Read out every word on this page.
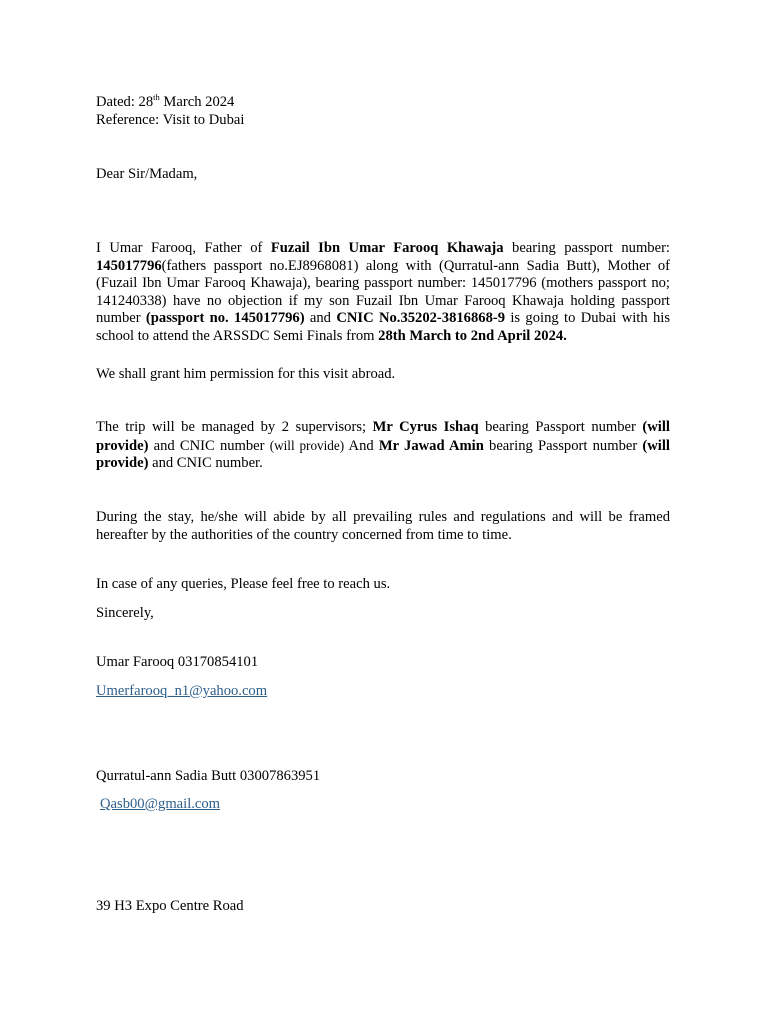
Dated: 28th March 2024
Reference: Visit to Dubai
Dear Sir/Madam,
I Umar Farooq, Father of Fuzail Ibn Umar Farooq Khawaja bearing passport number: 145017796(fathers passport no.EJ8968081) along with (Qurratul-ann Sadia Butt), Mother of (Fuzail Ibn Umar Farooq Khawaja), bearing passport number: 145017796 (mothers passport no; 141240338) have no objection if my son Fuzail Ibn Umar Farooq Khawaja holding passport number (passport no. 145017796) and CNIC No.35202-3816868-9 is going to Dubai with his school to attend the ARSSDC Semi Finals from 28th March to 2nd April 2024.
We shall grant him permission for this visit abroad.
The trip will be managed by 2 supervisors; Mr Cyrus Ishaq bearing Passport number (will provide) and CNIC number (will provide) And Mr Jawad Amin bearing Passport number (will provide) and CNIC number.
During the stay, he/she will abide by all prevailing rules and regulations and will be framed hereafter by the authorities of the country concerned from time to time.
In case of any queries, Please feel free to reach us.
Sincerely,
Umar Farooq 03170854101
Umerfarooq_n1@yahoo.com
Qurratul-ann Sadia Butt 03007863951
Qasb00@gmail.com
39 H3 Expo Centre Road
